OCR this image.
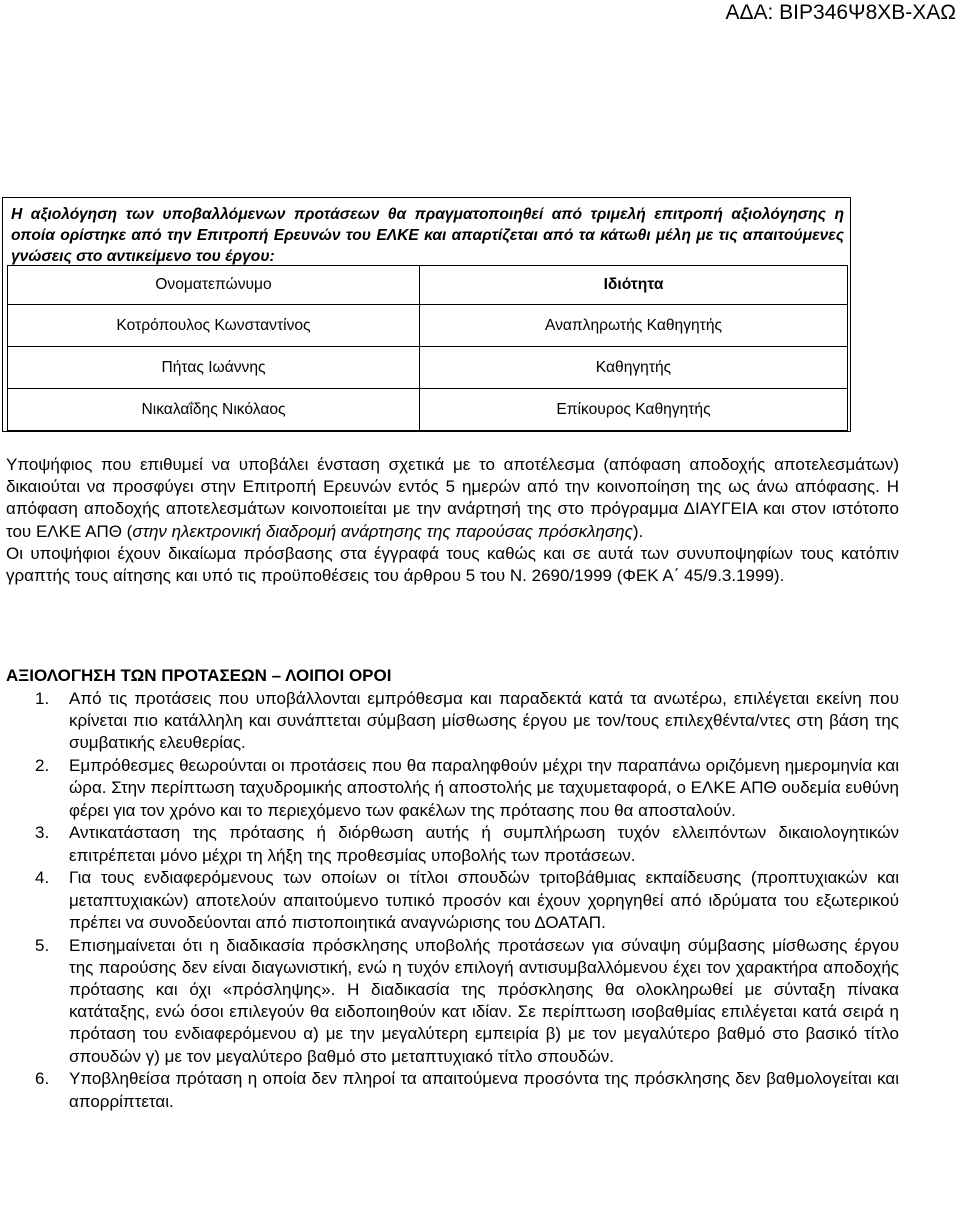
ΑΔΑ: ΒΙΡ346Ψ8ΧΒ-ΧΑΩ
Η αξιολόγηση των υποβαλλόμενων προτάσεων θα πραγματοποιηθεί από τριμελή επιτροπή αξιολόγησης η οποία ορίστηκε από την Επιτροπή Ερευνών του ΕΛΚΕ και απαρτίζεται από τα κάτωθι μέλη με τις απαιτούμενες γνώσεις στο αντικείμενο του έργου:
Ονοματεπώνυμο	Ιδιότητα
Κοτρόπουλος Κωνσταντίνος	Αναπληρωτής Καθηγητής
Πήτας Ιωάννης	Καθηγητής
Νικαλαΐδης Νικόλαος	Επίκουρος Καθηγητής

Υποψήφιος που επιθυμεί να υποβάλει ένσταση σχετικά με το αποτέλεσμα (απόφαση αποδοχής αποτελεσμάτων) δικαιούται να προσφύγει στην Επιτροπή Ερευνών εντός 5 ημερών από την κοινοποίηση της ως άνω απόφασης. Η απόφαση αποδοχής αποτελεσμάτων κοινοποιείται με την ανάρτησή της στο πρόγραμμα ΔΙΑΥΓΕΙΑ και στον ιστότοπο του ΕΛΚΕ ΑΠΘ (στην ηλεκτρονική διαδρομή ανάρτησης της παρούσας πρόσκλησης).

Οι υποψήφιοι έχουν δικαίωμα πρόσβασης στα έγγραφά τους καθώς και σε αυτά των συνυποψηφίων τους κατόπιν γραπτής τους αίτησης και υπό τις προϋποθέσεις του άρθρου 5 του Ν. 2690/1999 (ΦΕΚ Α΄ 45/9.3.1999).

ΑΞΙΟΛΟΓΗΣΗ ΤΩΝ ΠΡΟΤΑΣΕΩΝ – ΛΟΙΠΟΙ ΟΡΟΙ
1. Από τις προτάσεις που υποβάλλονται εμπρόθεσμα και παραδεκτά κατά τα ανωτέρω, επιλέγεται εκείνη που κρίνεται πιο κατάλληλη και συνάπτεται σύμβαση μίσθωσης έργου με τον/τους επιλεχθέντα/ντες στη βάση της συμβατικής ελευθερίας.
2. Εμπρόθεσμες θεωρούνται οι προτάσεις που θα παραληφθούν μέχρι την παραπάνω οριζόμενη ημερομηνία και ώρα. Στην περίπτωση ταχυδρομικής αποστολής ή αποστολής με ταχυμεταφορά, ο ΕΛΚΕ ΑΠΘ ουδεμία ευθύνη φέρει για τον χρόνο και το περιεχόμενο των φακέλων της πρότασης που θα αποσταλούν.
3. Αντικατάσταση της πρότασης ή διόρθωση αυτής ή συμπλήρωση τυχόν ελλειπόντων δικαιολογητικών επιτρέπεται μόνο μέχρι τη λήξη της προθεσμίας υποβολής των προτάσεων.
4. Για τους ενδιαφερόμενους των οποίων οι τίτλοι σπουδών τριτοβάθμιας εκπαίδευσης (προπτυχιακών και μεταπτυχιακών) αποτελούν απαιτούμενο τυπικό προσόν και έχουν χορηγηθεί από ιδρύματα του εξωτερικού πρέπει να συνοδεύονται από πιστοποιητικά αναγνώρισης του ΔΟΑΤΑΠ.
5. Επισημαίνεται ότι η διαδικασία πρόσκλησης υποβολής προτάσεων για σύναψη σύμβασης μίσθωσης έργου της παρούσης δεν είναι διαγωνιστική, ενώ η τυχόν επιλογή αντισυμβαλλόμενου έχει τον χαρακτήρα αποδοχής πρότασης και όχι «πρόσληψης». Η διαδικασία της πρόσκλησης θα ολοκληρωθεί με σύνταξη πίνακα κατάταξης, ενώ όσοι επιλεγούν θα ειδοποιηθούν κατ ιδίαν. Σε περίπτωση ισοβαθμίας επιλέγεται κατά σειρά η πρόταση του ενδιαφερόμενου α) με την μεγαλύτερη εμπειρία β) με τον μεγαλύτερο βαθμό στο βασικό τίτλο σπουδών γ) με τον μεγαλύτερο βαθμό στο μεταπτυχιακό τίτλο σπουδών.
6. Υποβληθείσα πρόταση η οποία δεν πληροί τα απαιτούμενα προσόντα της πρόσκλησης δεν βαθμολογείται και απορρίπτεται.
